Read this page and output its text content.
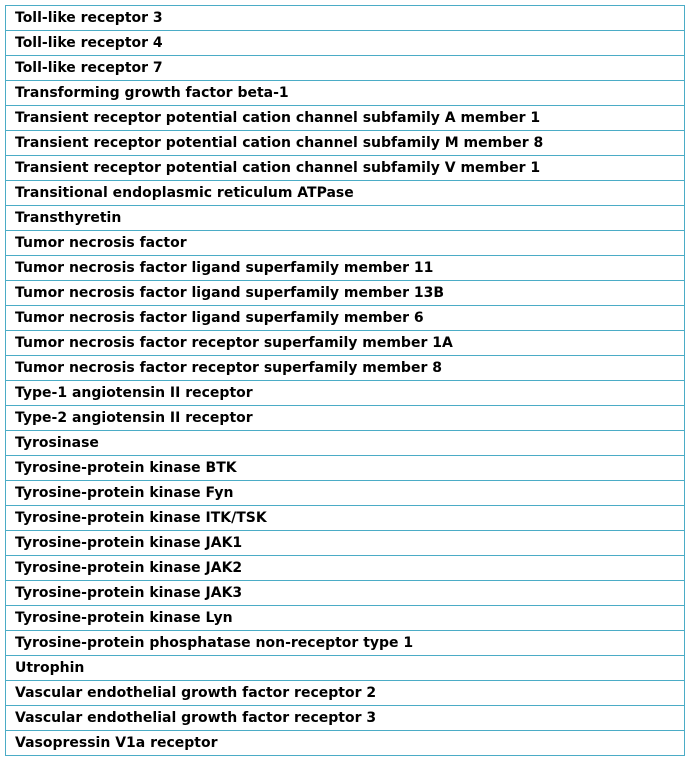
Toll-like receptor 3
Toll-like receptor 4
Toll-like receptor 7
Transforming growth factor beta-1
Transient receptor potential cation channel subfamily A member 1
Transient receptor potential cation channel subfamily M member 8
Transient receptor potential cation channel subfamily V member 1
Transitional endoplasmic reticulum ATPase
Transthyretin
Tumor necrosis factor
Tumor necrosis factor ligand superfamily member 11
Tumor necrosis factor ligand superfamily member 13B
Tumor necrosis factor ligand superfamily member 6
Tumor necrosis factor receptor superfamily member 1A
Tumor necrosis factor receptor superfamily member 8
Type-1 angiotensin II receptor
Type-2 angiotensin II receptor
Tyrosinase
Tyrosine-protein kinase BTK
Tyrosine-protein kinase Fyn
Tyrosine-protein kinase ITK/TSK
Tyrosine-protein kinase JAK1
Tyrosine-protein kinase JAK2
Tyrosine-protein kinase JAK3
Tyrosine-protein kinase Lyn
Tyrosine-protein phosphatase non-receptor type 1
Utrophin
Vascular endothelial growth factor receptor 2
Vascular endothelial growth factor receptor 3
Vasopressin V1a receptor
